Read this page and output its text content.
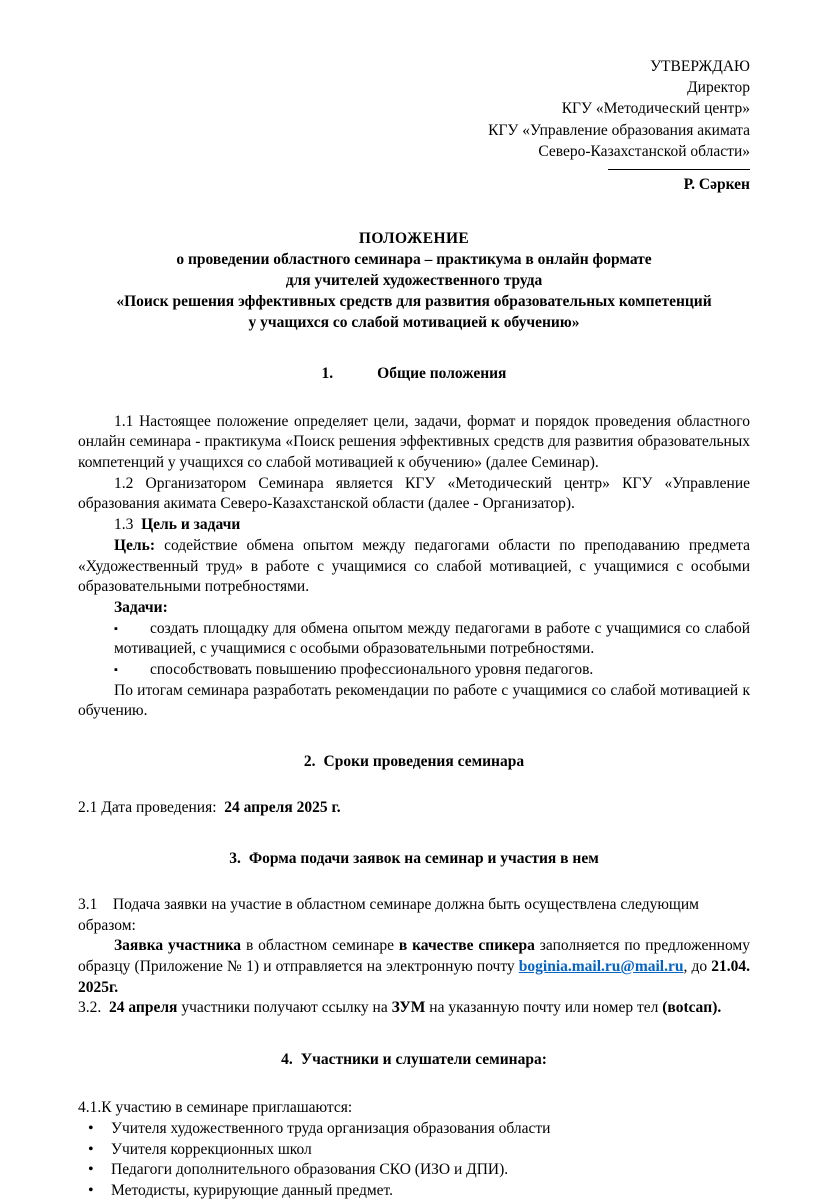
УТВЕРЖДАЮ
Директор
КГУ «Методический центр»
КГУ «Управление образования акимата
Северо-Казахстанской области»
Р. Сәркен
ПОЛОЖЕНИЕ
о проведении областного семинара – практикума в онлайн формате
для учителей художественного труда
«Поиск решения эффективных средств для развития образовательных компетенций
у учащихся со слабой мотивацией к обучению»
1.	Общие положения

1.1 Настоящее положение определяет цели, задачи, формат и порядок проведения областного онлайн семинара - практикума «Поиск решения эффективных средств для развития образовательных компетенций у учащихся со слабой мотивацией к обучению» (далее Семинар).

1.2 Организатором Семинара является КГУ «Методический центр» КГУ «Управление образования акимата Северо-Казахстанской области (далее - Организатор).

1.3 Цель и задачи

Цель: содействие обмена опытом между педагогами области по преподаванию предмета «Художественный труд» в работе с учащимися со слабой мотивацией, с учащимися с особыми образовательными потребностями.

Задачи:

▪	создать площадку для обмена опытом между педагогами в работе с учащимися со слабой мотивацией, с учащимися с особыми образовательными потребностями.

▪	способствовать повышению профессионального уровня педагогов.

По итогам семинара разработать рекомендации по работе с учащимися со слабой мотивацией к обучению.

2. Сроки проведения семинара

2.1 Дата проведения: 24 апреля 2025 г.

3. Форма подачи заявок на семинар и участия в нем

3.1 Подача заявки на участие в областном семинаре должна быть осуществлена следующим образом:

Заявка участника в областном семинаре в качестве спикера заполняется по предложенному образцу (Приложение № 1) и отправляется на электронную почту boginia.mail.ru@mail.ru, до 21.04. 2025г.

3.2. 24 апреля участники получают ссылку на ЗУМ на указанную почту или номер тел (вotcaп).

4. Участники и слушатели семинара:

4.1.К участию в семинаре приглашаются:

• Учителя художественного труда организация образования области

• Учителя коррекционных школ

• Педагоги дополнительного образования СКО (ИЗО и ДПИ).

• Методисты, курирующие данный предмет.
